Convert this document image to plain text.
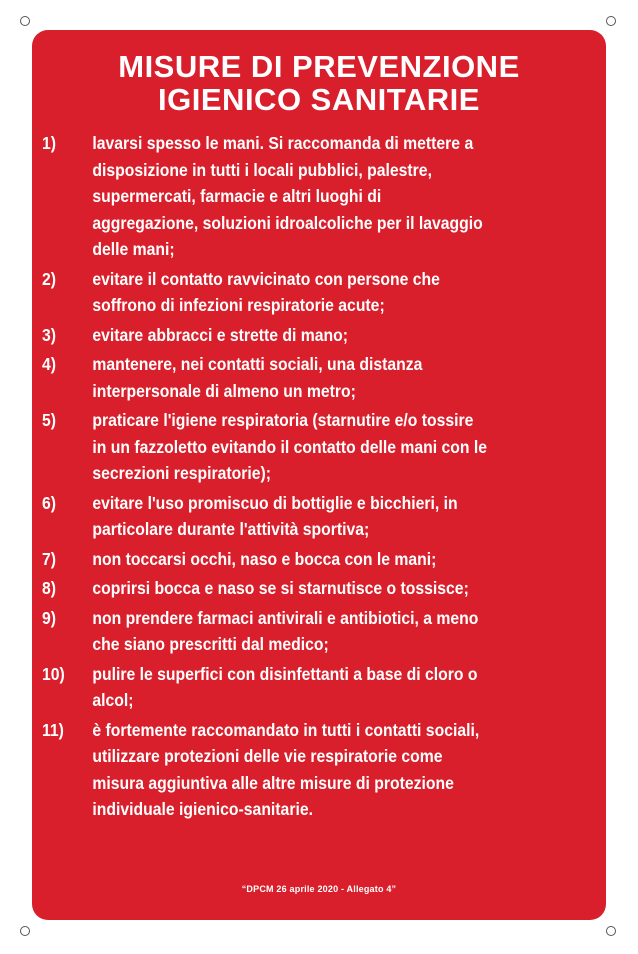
MISURE DI PREVENZIONE
IGIENICO SANITARIE
1)	lavarsi spesso le mani. Si raccomanda di mettere a
disposizione in tutti i locali pubblici, palestre,
supermercati, farmacie e altri luoghi di
aggregazione, soluzioni idroalcoliche per il lavaggio
delle mani;
2)	evitare il contatto ravvicinato con persone che
soffrono di infezioni respiratorie acute;
3)	evitare abbracci e strette di mano;
4)	mantenere, nei contatti sociali, una distanza
interpersonale di almeno un metro;
5)	praticare l'igiene respiratoria (starnutire e/o tossire
in un fazzoletto evitando il contatto delle mani con le
secrezioni respiratorie);
6)	evitare l'uso promiscuo di bottiglie e bicchieri, in
particolare durante l'attività sportiva;
7)	non toccarsi occhi, naso e bocca con le mani;
8)	coprirsi bocca e naso se si starnutisce o tossisce;
9)	non prendere farmaci antivirali e antibiotici, a meno
che siano prescritti dal medico;
10)	pulire le superfici con disinfettanti a base di cloro o
alcol;
11)	è fortemente raccomandato in tutti i contatti sociali,
utilizzare protezioni delle vie respiratorie come
misura aggiuntiva alle altre misure di protezione
individuale igienico-sanitarie.
“DPCM 26 aprile 2020 - Allegato 4”
